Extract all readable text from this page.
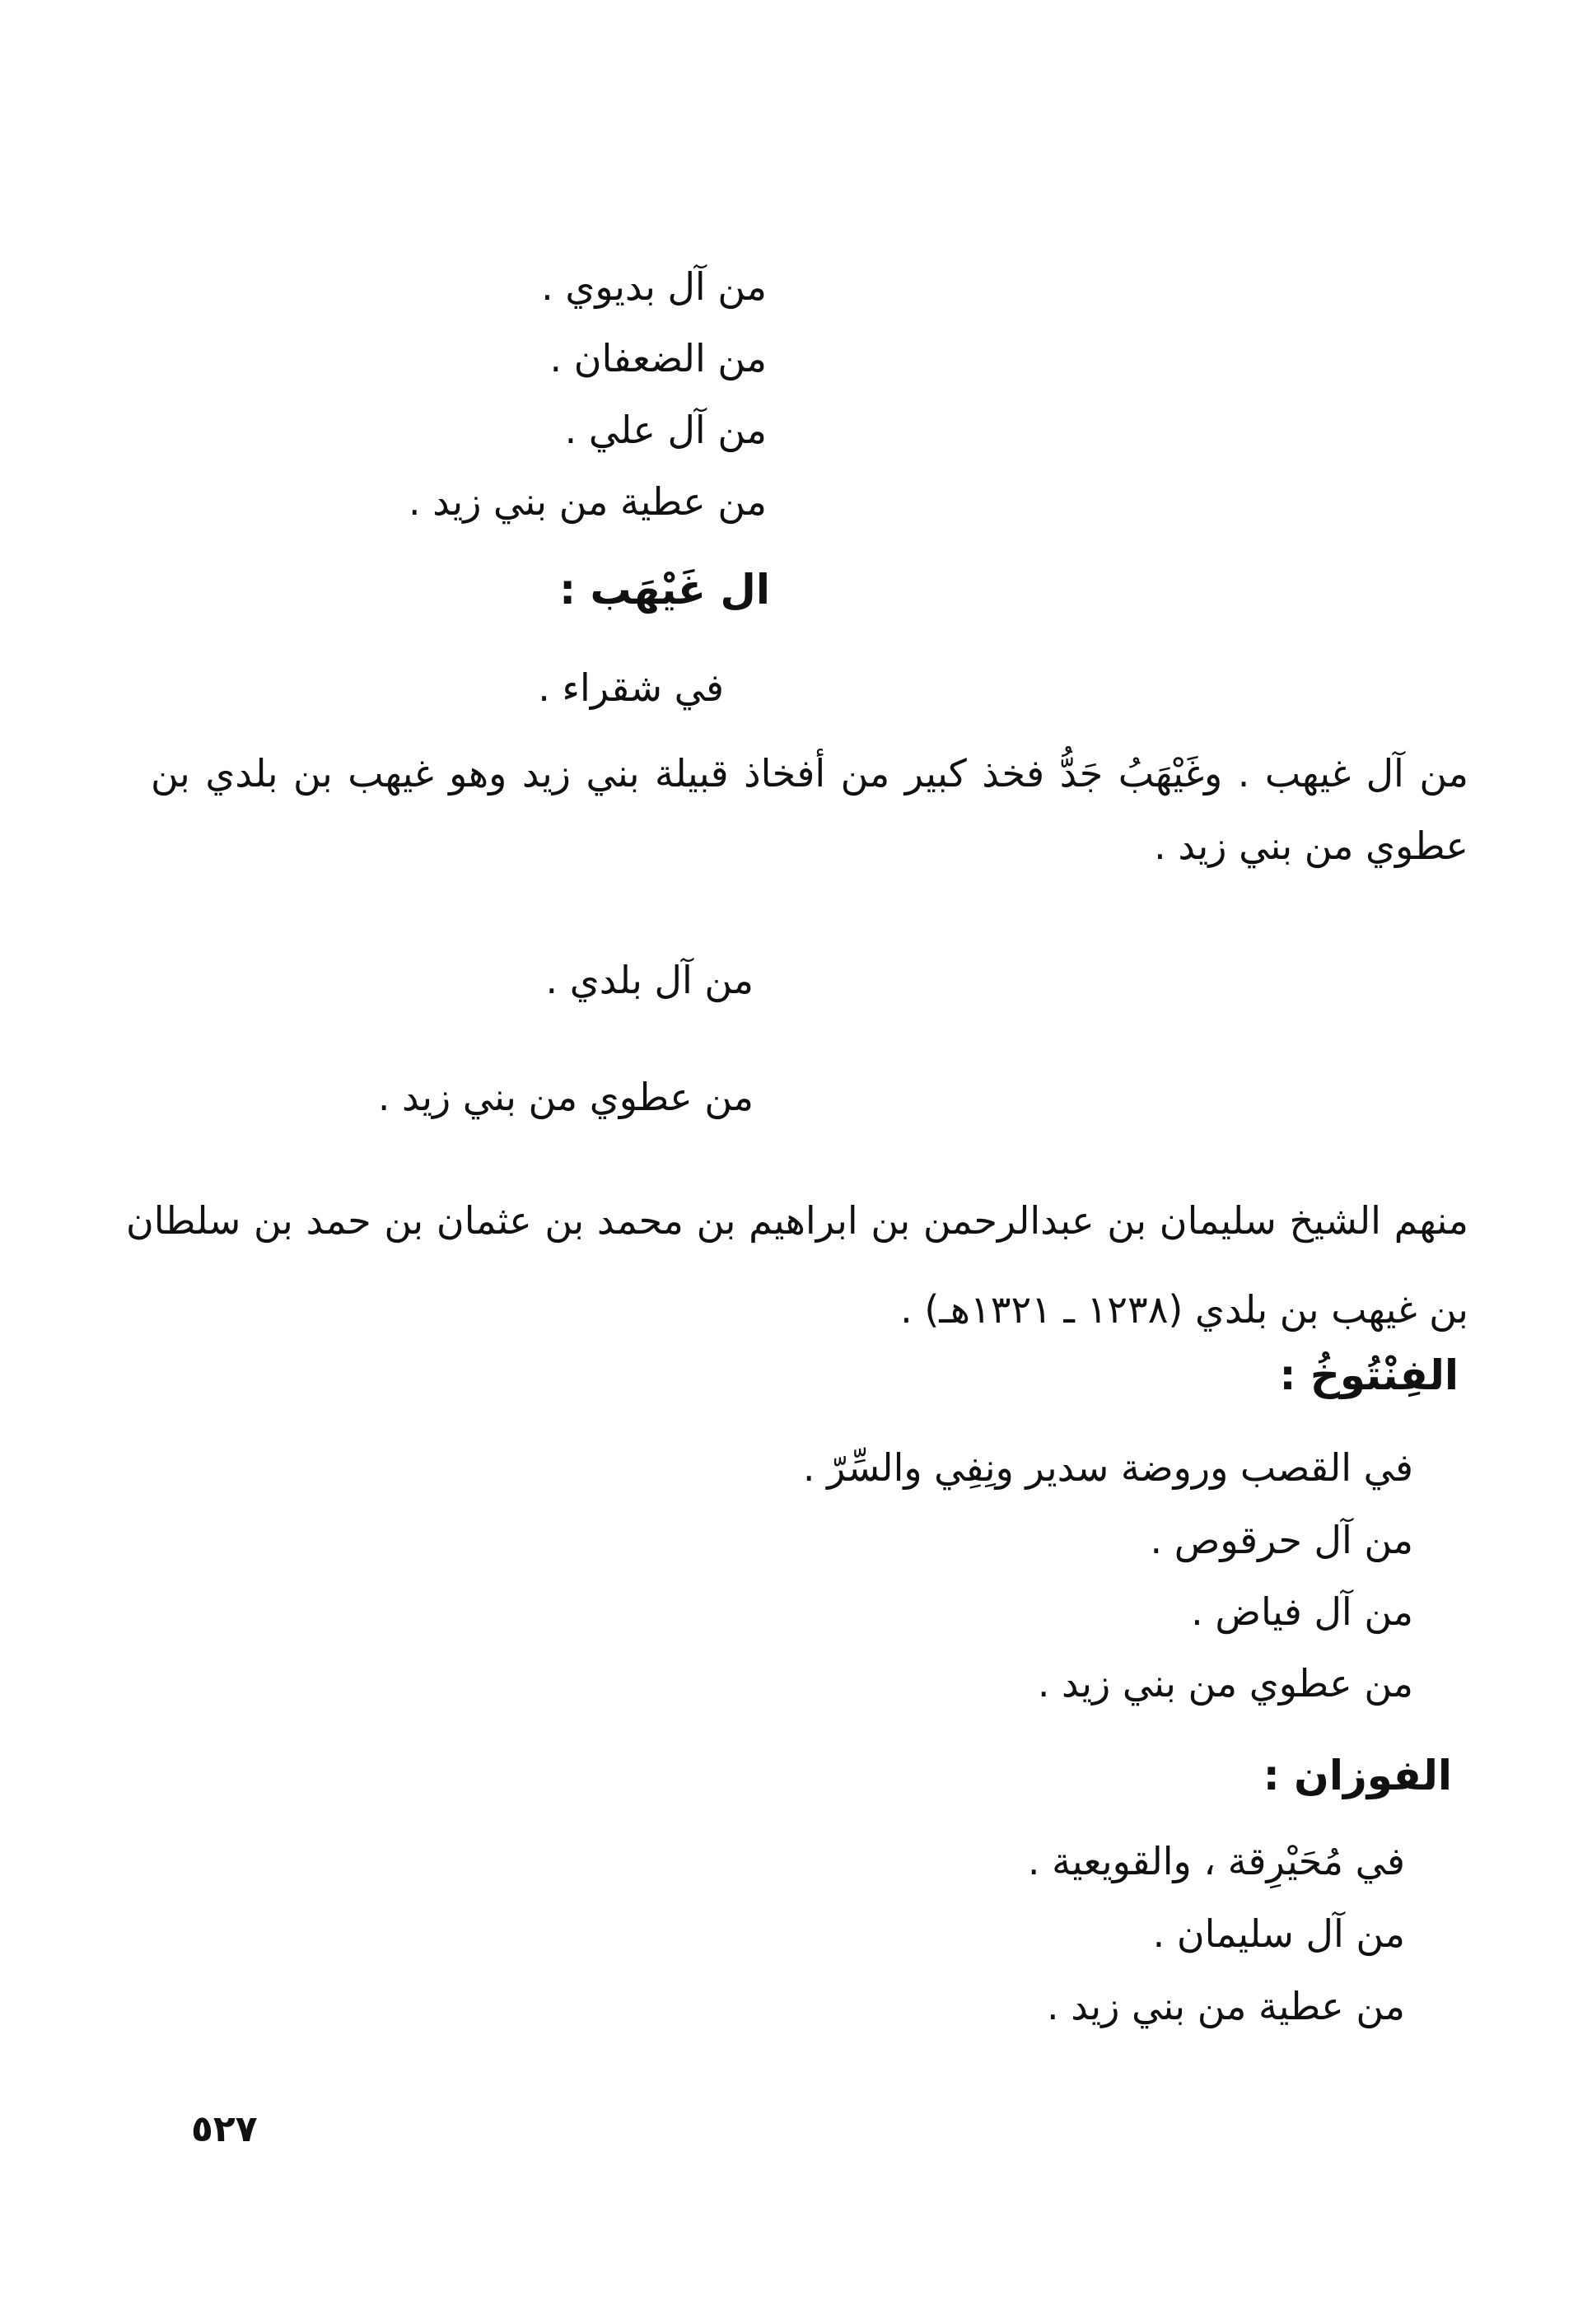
من آل بديوي .
من الضعفان .
من آل علي .
من عطية من بني زيد .
ال غَيْهَب :
في شقراء .
من آل غيهب . وغَيْهَبُ جَدُّ فخذ كبير من أفخاذ قبيلة بني زيد وهو غيهب بن بلدي بن عطوي من بني زيد .
من آل بلدي .
من عطوي من بني زيد .
منهم الشيخ سليمان بن عبدالرحمن بن ابراهيم بن محمد بن عثمان بن حمد بن سلطان بن غيهب بن بلدي (١٢٣٨ ـ ١٣٢١هـ) .
الفِنْتُوخُ :
في القصب وروضة سدير ونِفِي والسِّرّ .
من آل حرقوص .
من آل فياض .
من عطوي من بني زيد .
الفوزان :
في مُحَيْرِقة ، والقويعية .
من آل سليمان .
من عطية من بني زيد .
٥٢٧
